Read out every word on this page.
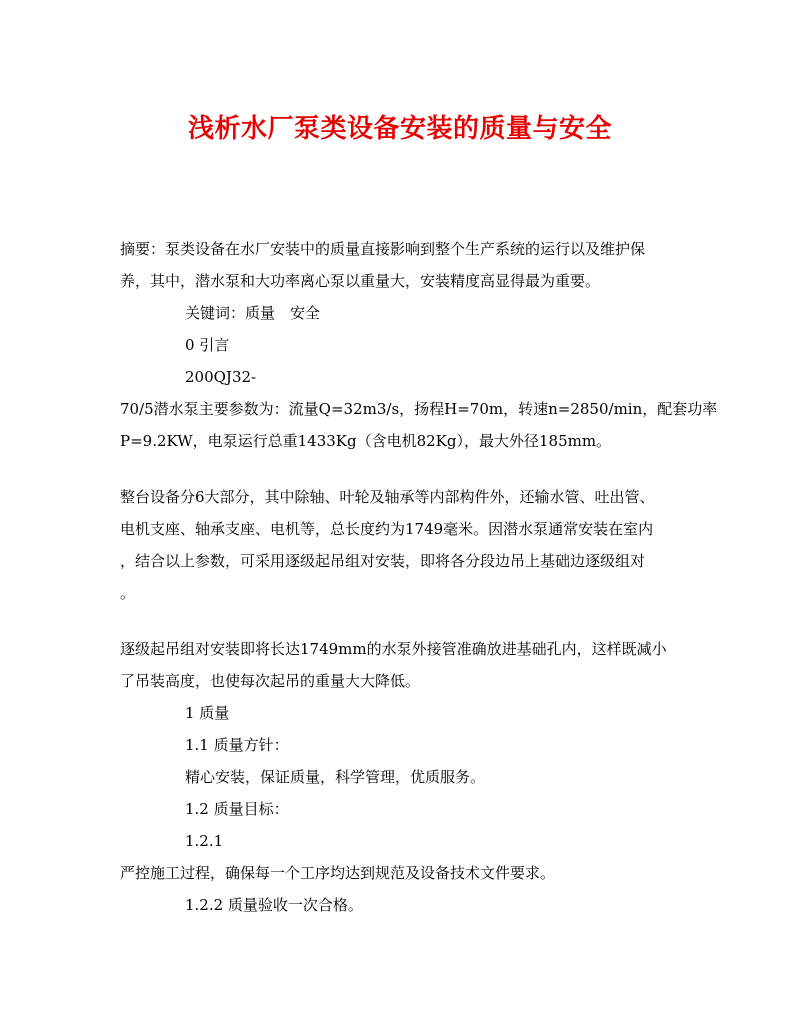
浅析水厂泵类设备安装的质量与安全
摘要：泵类设备在水厂安装中的质量直接影响到整个生产系统的运行以及维护保
养，其中，潜水泵和大功率离心泵以重量大，安装精度高显得最为重要。
关键词：质量　安全
0 引言
200QJ32-
70/5潜水泵主要参数为：流量Q=32m3/s，扬程H=70m，转速n=2850/min，配套功率
P=9.2KW，电泵运行总重1433Kg（含电机82Kg），最大外径185mm。
整台设备分6大部分，其中除轴、叶轮及轴承等内部构件外，还输水管、吐出管、
电机支座、轴承支座、电机等，总长度约为1749毫米。因潜水泵通常安装在室内
，结合以上参数，可采用逐级起吊组对安装，即将各分段边吊上基础边逐级组对
。
逐级起吊组对安装即将长达1749mm的水泵外接管准确放进基础孔内，这样既减小
了吊装高度，也使每次起吊的重量大大降低。
1 质量
1.1 质量方针：
精心安装，保证质量，科学管理，优质服务。
1.2 质量目标：
1.2.1
严控施工过程，确保每一个工序均达到规范及设备技术文件要求。
1.2.2 质量验收一次合格。
